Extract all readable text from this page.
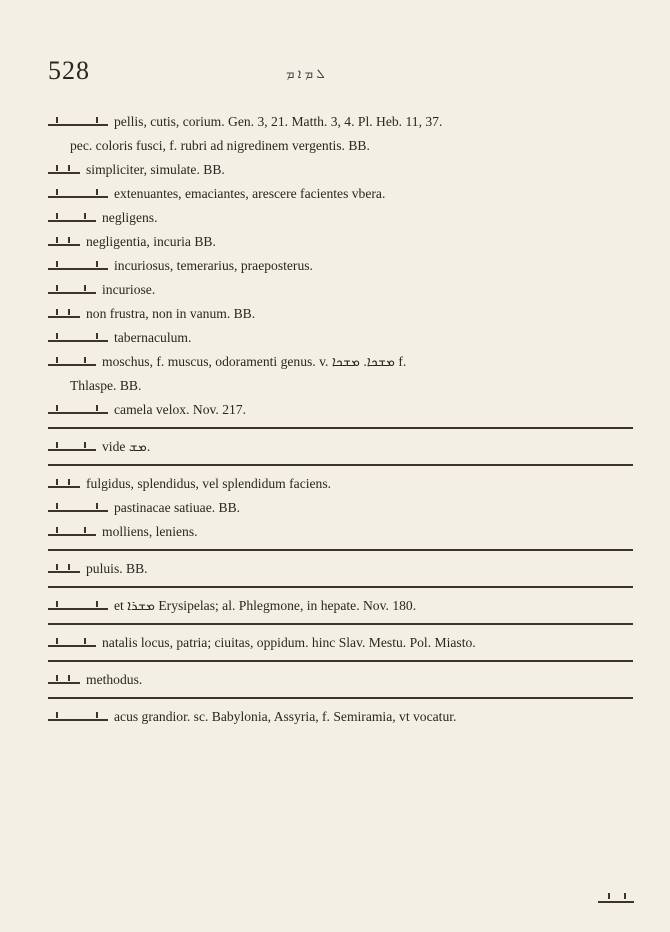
528	ܠ ܡ ܐ ܡ
pellis, cutis, corium. Gen. 3, 21. Matth. 3, 4. Pl. Heb. 11, 37.
pec. coloris fusci, f. rubri ad nigredinem vergentis. BB.
simpliciter, simulate. BB.
extenuantes, emaciantes, arescere facientes vbera.
negligens.
negligentia, incuria BB.
incuriosus, temerarius, praeposterus.
incuriose.
non frustra, non in vanum. BB.
tabernaculum.
moschus, f. muscus, odoramenti genus. v. ܡܫܟܐ. ܡܫܟܐ f.
Thlaspe. BB.
camela velox. Nov. 217.
vide ܡܫ.
fulgidus, splendidus, vel splendidum faciens.
pastinacae satiuae. BB.
molliens, leniens.
puluis. BB.
et ܡܫܪܐ Erysipelas; al. Phlegmone, in hepate. Nov. 180.
natalis locus, patria; ciuitas, oppidum. hinc Slav. Mestu. Pol. Miasto.
methodus.
acus grandior. sc. Babylonia, Assyria, f. Semiramia, vt vocatur.
